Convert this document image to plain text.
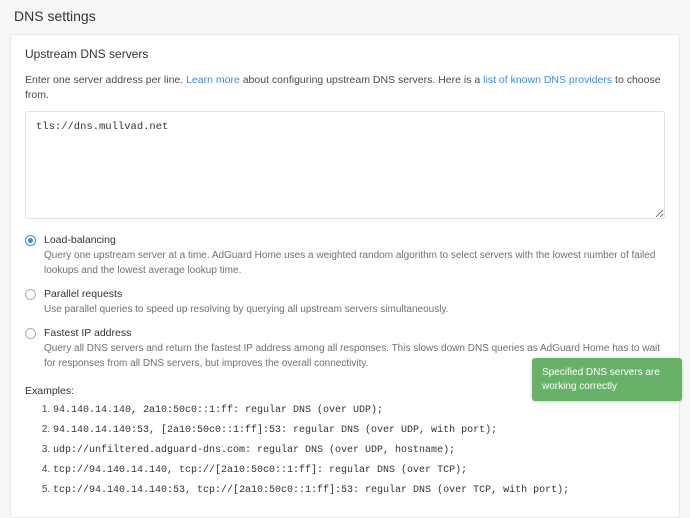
DNS settings
Upstream DNS servers
Enter one server address per line. Learn more about configuring upstream DNS servers. Here is a list of known DNS providers to choose from.
tls://dns.mullvad.net
Load-balancing
Query one upstream server at a time. AdGuard Home uses a weighted random algorithm to select servers with the lowest number of failed lookups and the lowest average lookup time.
Parallel requests
Use parallel queries to speed up resolving by querying all upstream servers simultaneously.
Fastest IP address
Query all DNS servers and return the fastest IP address among all responses. This slows down DNS queries as AdGuard Home has to wait for responses from all DNS servers, but improves the overall connectivity.
Examples:
1. 94.140.14.140, 2a10:50c0::1:ff: regular DNS (over UDP);
2. 94.140.14.140:53, [2a10:50c0::1:ff]:53: regular DNS (over UDP, with port);
3. udp://unfiltered.adguard-dns.com: regular DNS (over UDP, hostname);
4. tcp://94.140.14.140, tcp://[2a10:50c0::1:ff]: regular DNS (over TCP);
5. tcp://94.140.14.140:53, tcp://[2a10:50c0::1:ff]:53: regular DNS (over TCP, with port);
Specified DNS servers are working correctly
